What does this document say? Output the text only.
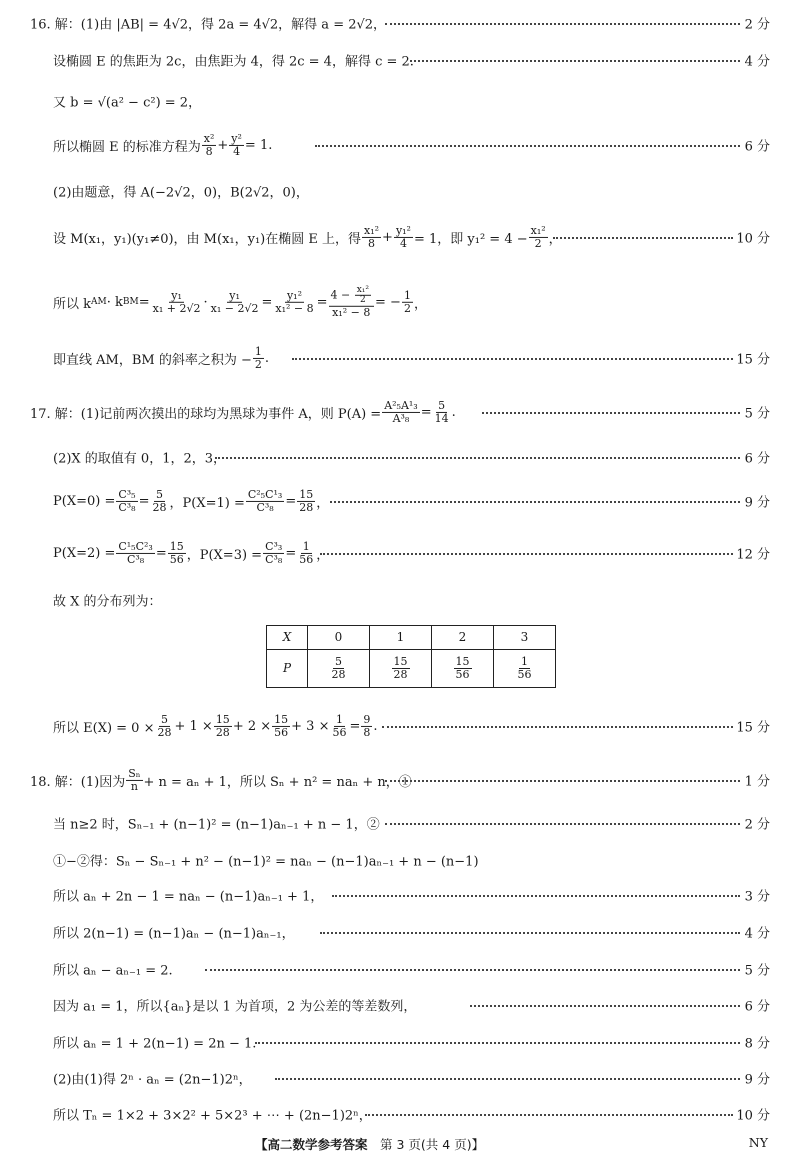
16. 解：(1)由 |AB| = 4√2，得 2a = 4√2，解得 a = 2√2，	2 分
设椭圆 E 的焦距为 2c，由焦距为 4，得 2c = 4，解得 c = 2.	4 分
又 b = √(a² − c²) = 2，
所以椭圆 E 的标准方程为 $\frac{\text{x²}}{8} + \frac{\text{y²}}{4} = 1$.	6 分
(2)由题意，得 A(−2√2，0)，B(2√2，0)，
设 M(x₁，y₁)(y₁≠0)，由 M(x₁，y₁)在椭圆 E 上，得 $\frac{\text{x₁²}}{8} + \frac{\text{y₁²}}{4} = 1$，即 $y_1^2 = 4 - \frac{\text{x₁²}}{2}$ ，	10 分
所以 k AM · k BM = $\frac{\text{y₁}}{\text{x₁ + 2√2}} \cdot \frac{\text{y₁}}{\text{x₁ − 2√2}} = \frac{\text{y₁²}}{\text{x₁² − 8}} = \frac{4 - \frac{\text{x₁²}}{2}}{\text{x₁² − 8}}$ = − $\frac{1}{2}$ ，
即直线 AM，BM 的斜率之积为 − $\frac{1}{2}$ .	15 分
17. 解：(1)记前两次摸出的球均为黑球为事件 A，则 $P(A) = \frac{\text{A²₅A¹₃}}{\text{A³₈}} = \frac{5}{14}$ .	5 分
(2)X 的取值有 0，1，2，3，	6 分
$P(X=0) = \frac{\text{C³₅}}{\text{C³₈}} = \frac{5}{28}$ ，$P(X=1) = \frac{\text{C²₅C¹₃}}{\text{C³₈}} = \frac{15}{28}$ ，	9 分
$P(X=2) = \frac{\text{C¹₅C²₃}}{\text{C³₈}} = \frac{15}{56}$ ，$P(X=3) = \frac{\text{C³₃}}{\text{C³₈}} = \frac{1}{56}$ ，	12 分
故 X 的分布列为：
所以 $E(X) = 0 \times \frac{5}{28} + 1 \times \frac{15}{28} + 2 \times \frac{15}{56} + 3 \times \frac{1}{56} = \frac{9}{8}$ .	15 分
18. 解：(1)因为 $\frac{\text{Sₙ}}{n} + n = a_n + 1$，所以 Sₙ + n² = naₙ + n，①	1 分
当 n≥2 时，Sₙ₋₁ + (n−1)² = (n−1)aₙ₋₁ + n − 1，②	2 分
①−②得：Sₙ − Sₙ₋₁ + n² − (n−1)² = naₙ − (n−1)aₙ₋₁ + n − (n−1)
所以 aₙ + 2n − 1 = naₙ − (n−1)aₙ₋₁ + 1，	3 分
所以 2(n−1) = (n−1)aₙ − (n−1)aₙ₋₁，	4 分
所以 aₙ − aₙ₋₁ = 2.	5 分
因为 a₁ = 1，所以{aₙ}是以 1 为首项，2 为公差的等差数列，	6 分
所以 aₙ = 1 + 2(n−1) = 2n − 1.	8 分
(2)由(1)得 2ⁿ · aₙ = (2n−1)2ⁿ，	9 分
所以 Tₙ = 1×2 + 3×2² + 5×2³ + ⋯ + (2n−1)2ⁿ，	10 分
X	0	1	2	3
P	$\frac{5}{28}$	$\frac{15}{28}$	$\frac{15}{56}$	$\frac{1}{56}$
【高二数学参考答案　 第 3 页(共 4 页)】	NY
